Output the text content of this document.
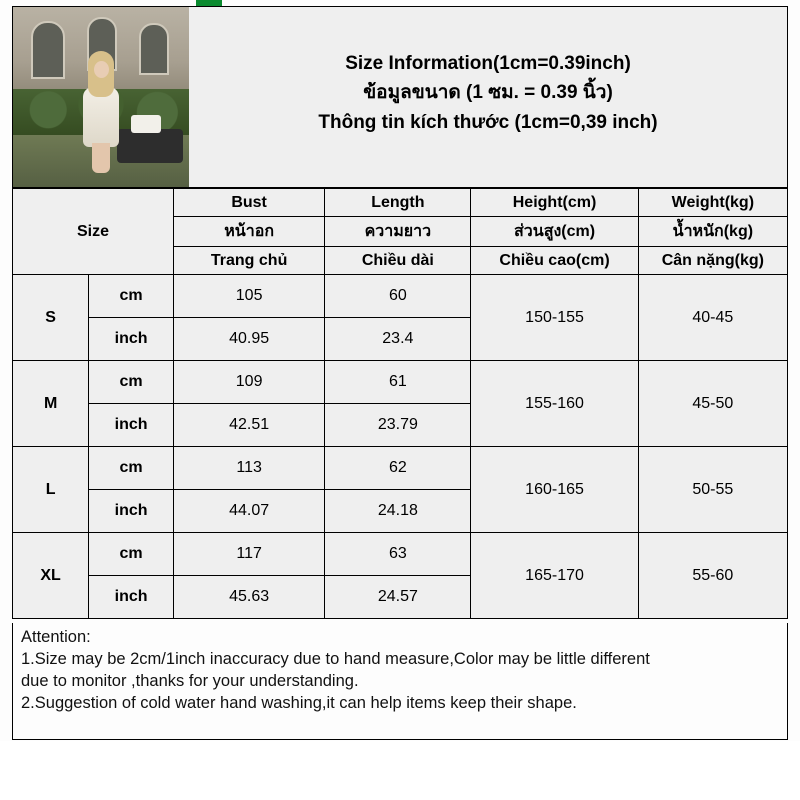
Size Information(1cm=0.39inch)
ข้อมูลขนาด (1 ซม. = 0.39 นิ้ว)
Thông tin kích thước (1cm=0,39 inch)
Size		Bust	Length	Height(cm)	Weight(kg)
		หน้าอก	ความยาว	ส่วนสูง(cm)	น้ำหนัก(kg)
		Trang chủ	Chiều dài	Chiều cao(cm)	Cân nặng(kg)
S	cm	105	60	150-155	40-45
	inch	40.95	23.4		
M	cm	109	61	155-160	45-50
	inch	42.51	23.79		
L	cm	113	62	160-165	50-55
	inch	44.07	24.18		
XL	cm	117	63	165-170	55-60
	inch	45.63	24.57		

Attention:

1.Size may be 2cm/1inch inaccuracy due to hand measure,Color may be little different

due to monitor ,thanks for your understanding.

2.Suggestion of cold water hand washing,it can help items keep their shape.
